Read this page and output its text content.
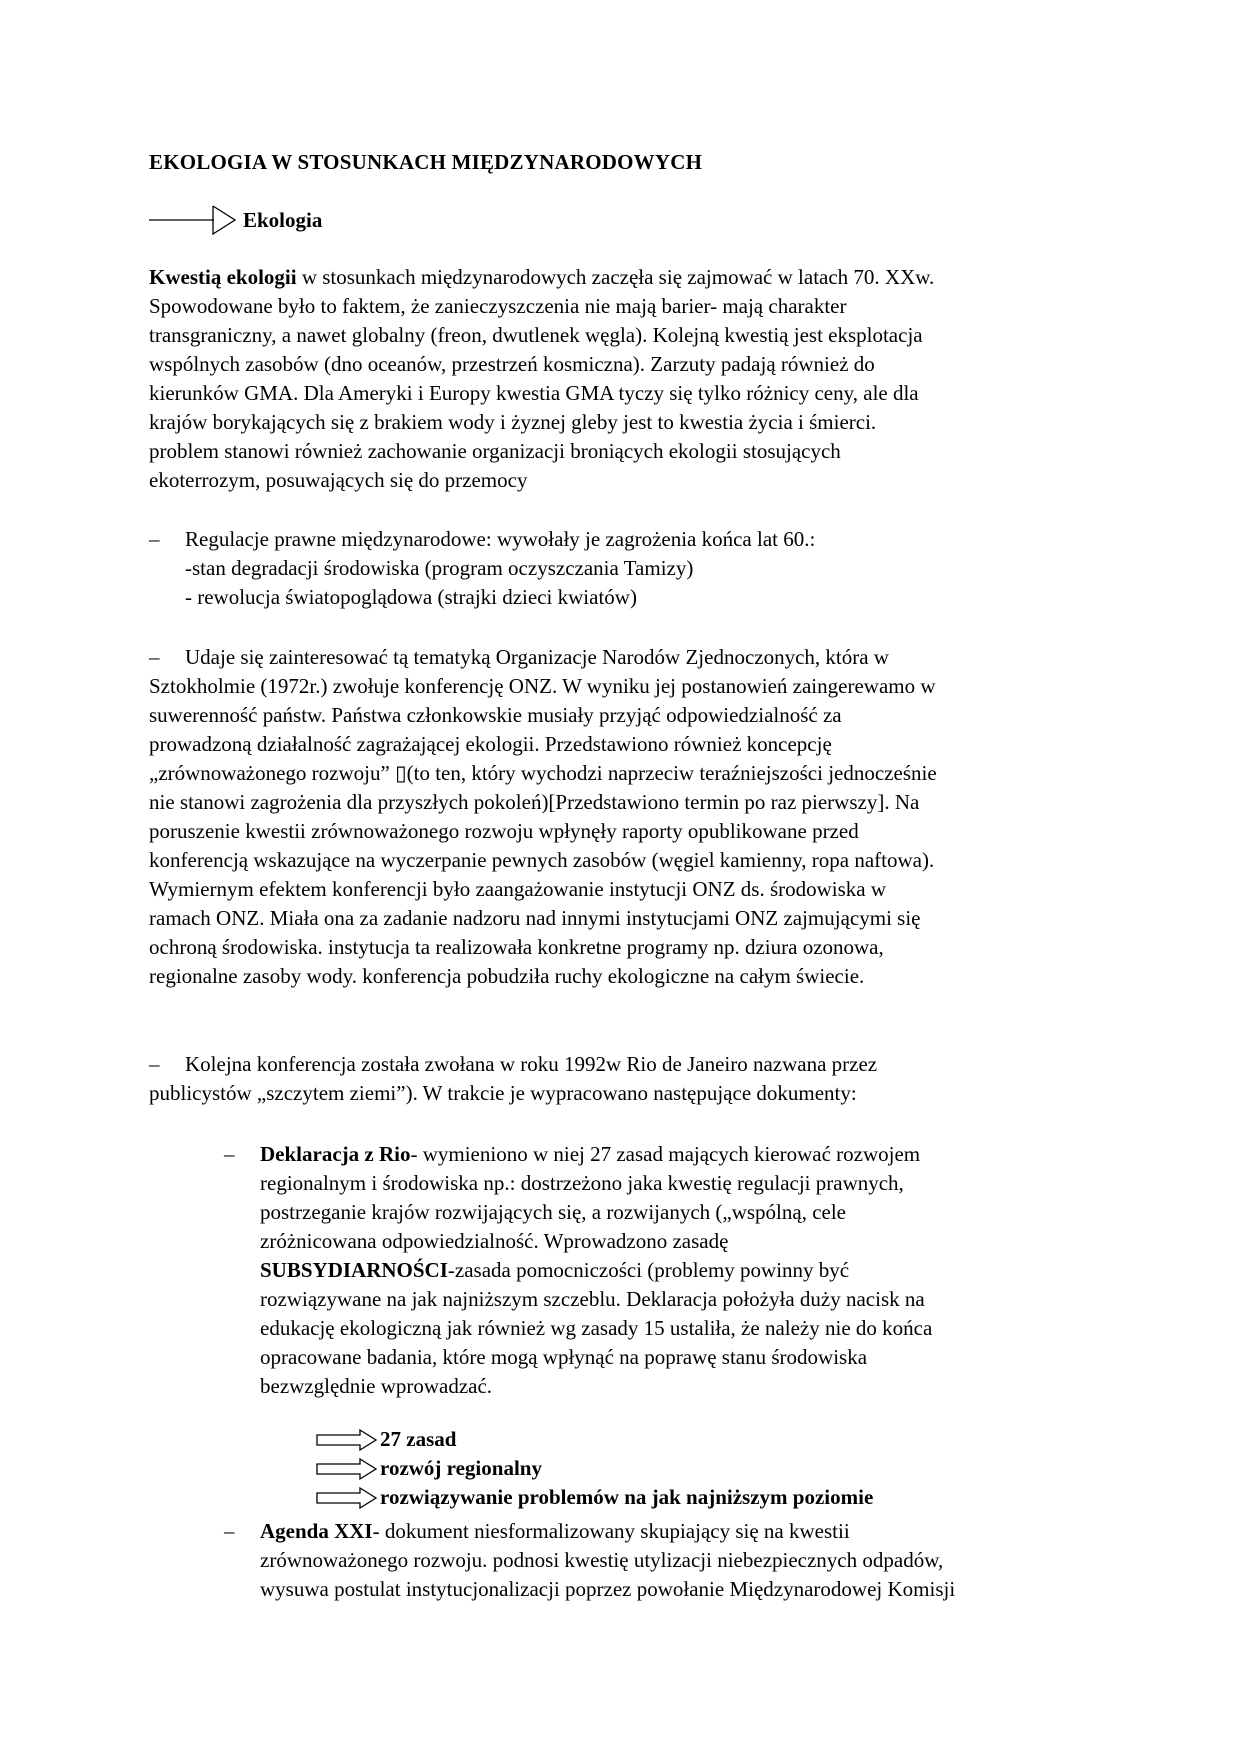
EKOLOGIA W STOSUNKACH MIĘDZYNARODOWYCH
Ekologia
Kwestią ekologii w stosunkach międzynarodowych zaczęła się zajmować w latach 70. XXw.
Spowodowane było to faktem, że zanieczyszczenia nie mają barier- mają charakter
transgraniczny, a nawet globalny (freon, dwutlenek węgla). Kolejną kwestią jest eksplotacja
wspólnych zasobów (dno oceanów, przestrzeń kosmiczna). Zarzuty padają również do
kierunków GMA. Dla Ameryki i Europy kwestia GMA tyczy się tylko różnicy ceny, ale dla
krajów borykających się z brakiem wody i żyznej gleby jest to kwestia życia i śmierci.
problem stanowi również zachowanie organizacji broniących ekologii stosujących
ekoterrozym, posuwających się do przemocy
– Regulacje prawne międzynarodowe: wywołały je zagrożenia końca lat 60.:
-stan degradacji środowiska (program oczyszczania Tamizy)
- rewolucja światopoglądowa (strajki dzieci kwiatów)
– Udaje się zainteresować tą tematyką Organizacje Narodów Zjednoczonych, która w
Sztokholmie (1972r.) zwołuje konferencję ONZ. W wyniku jej postanowień zaingerewamo w
suwerenność państw. Państwa członkowskie musiały przyjąć odpowiedzialność za
prowadzoną działalność zagrażającej ekologii. Przedstawiono również koncepcję
„zrównoważonego rozwoju” ▯(to ten, który wychodzi naprzeciw teraźniejszości jednocześnie
nie stanowi zagrożenia dla przyszłych pokoleń)[Przedstawiono termin po raz pierwszy]. Na
poruszenie kwestii zrównoważonego rozwoju wpłynęły raporty opublikowane przed
konferencją wskazujące na wyczerpanie pewnych zasobów (węgiel kamienny, ropa naftowa).
Wymiernym efektem konferencji było zaangażowanie instytucji ONZ ds. środowiska w
ramach ONZ. Miała ona za zadanie nadzoru nad innymi instytucjami ONZ zajmującymi się
ochroną środowiska. instytucja ta realizowała konkretne programy np. dziura ozonowa,
regionalne zasoby wody. konferencja pobudziła ruchy ekologiczne na całym świecie.
– Kolejna konferencja została zwołana w roku 1992w Rio de Janeiro nazwana przez
publicystów „szczytem ziemi”). W trakcie je wypracowano następujące dokumenty:
– Deklaracja z Rio- wymieniono w niej 27 zasad mających kierować rozwojem
regionalnym i środowiska np.: dostrzeżono jaka kwestię regulacji prawnych,
postrzeganie krajów rozwijających się, a rozwijanych („wspólną, cele
zróżnicowana odpowiedzialność. Wprowadzono zasadę
SUBSYDIARNOŚCI-zasada pomocniczości (problemy powinny być
rozwiązywane na jak najniższym szczeblu. Deklaracja położyła duży nacisk na
edukację ekologiczną jak również wg zasady 15 ustaliła, że należy nie do końca
opracowane badania, które mogą wpłynąć na poprawę stanu środowiska
bezwzględnie wprowadzać.
27 zasad
rozwój regionalny
rozwiązywanie problemów na jak najniższym poziomie
– Agenda XXI- dokument niesformalizowany skupiający się na kwestii
zrównoważonego rozwoju. podnosi kwestię utylizacji niebezpiecznych odpadów,
wysuwa postulat instytucjonalizacji poprzez powołanie Międzynarodowej Komisji
